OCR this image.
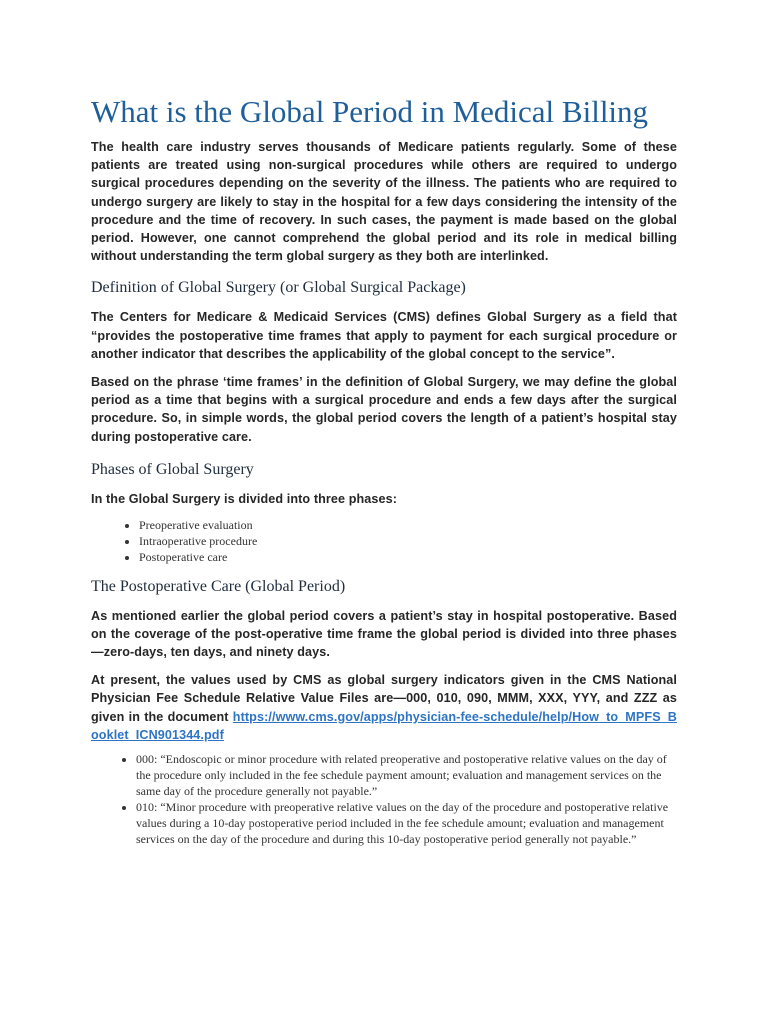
What is the Global Period in Medical Billing

The health care industry serves thousands of Medicare patients regularly. Some of these patients are treated using non-surgical procedures while others are required to undergo surgical procedures depending on the severity of the illness. The patients who are required to undergo surgery are likely to stay in the hospital for a few days considering the intensity of the procedure and the time of recovery. In such cases, the payment is made based on the global period. However, one cannot comprehend the global period and its role in medical billing without understanding the term global surgery as they both are interlinked.

Definition of Global Surgery (or Global Surgical Package)

The Centers for Medicare & Medicaid Services (CMS) defines Global Surgery as a field that “provides the postoperative time frames that apply to payment for each surgical procedure or another indicator that describes the applicability of the global concept to the service”.

Based on the phrase ‘time frames’ in the definition of Global Surgery, we may define the global period as a time that begins with a surgical procedure and ends a few days after the surgical procedure. So, in simple words, the global period covers the length of a patient’s hospital stay during postoperative care.

Phases of Global Surgery

In the Global Surgery is divided into three phases:

• Preoperative evaluation
• Intraoperative procedure
• Postoperative care
The Postoperative Care (Global Period)

As mentioned earlier the global period covers a patient’s stay in hospital postoperative. Based on the coverage of the post-operative time frame the global period is divided into three phases—zero-days, ten days, and ninety days.

At present, the values used by CMS as global surgery indicators given in the CMS National Physician Fee Schedule Relative Value Files are—000, 010, 090, MMM, XXX, YYY, and ZZZ as given in the document https://www.cms.gov/apps/physician-fee-schedule/help/How_to_MPFS_Booklet_ICN901344.pdf

• 000: “Endoscopic or minor procedure with related preoperative and postoperative relative values on the day of the procedure only included in the fee schedule payment amount; evaluation and management services on the same day of the procedure generally not payable.”
• 010: “Minor procedure with preoperative relative values on the day of the procedure and postoperative relative values during a 10-day postoperative period included in the fee schedule amount; evaluation and management services on the day of the procedure and during this 10-day postoperative period generally not payable.”
